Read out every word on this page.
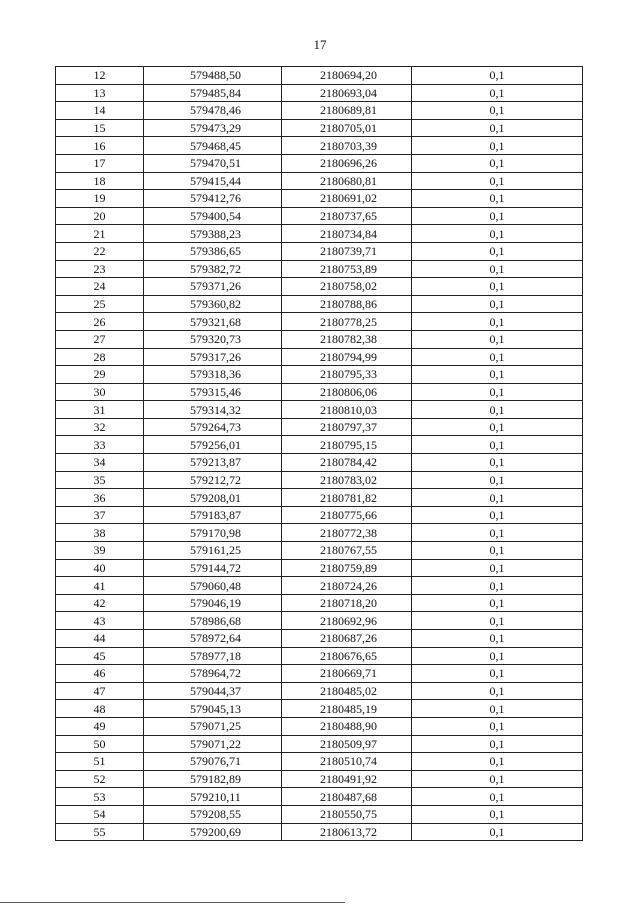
17
12	579488,50	2180694,20	0,1
13	579485,84	2180693,04	0,1
14	579478,46	2180689,81	0,1
15	579473,29	2180705,01	0,1
16	579468,45	2180703,39	0,1
17	579470,51	2180696,26	0,1
18	579415,44	2180680,81	0,1
19	579412,76	2180691,02	0,1
20	579400,54	2180737,65	0,1
21	579388,23	2180734,84	0,1
22	579386,65	2180739,71	0,1
23	579382,72	2180753,89	0,1
24	579371,26	2180758,02	0,1
25	579360,82	2180788,86	0,1
26	579321,68	2180778,25	0,1
27	579320,73	2180782,38	0,1
28	579317,26	2180794,99	0,1
29	579318,36	2180795,33	0,1
30	579315,46	2180806,06	0,1
31	579314,32	2180810,03	0,1
32	579264,73	2180797,37	0,1
33	579256,01	2180795,15	0,1
34	579213,87	2180784,42	0,1
35	579212,72	2180783,02	0,1
36	579208,01	2180781,82	0,1
37	579183,87	2180775,66	0,1
38	579170,98	2180772,38	0,1
39	579161,25	2180767,55	0,1
40	579144,72	2180759,89	0,1
41	579060,48	2180724,26	0,1
42	579046,19	2180718,20	0,1
43	578986,68	2180692,96	0,1
44	578972,64	2180687,26	0,1
45	578977,18	2180676,65	0,1
46	578964,72	2180669,71	0,1
47	579044,37	2180485,02	0,1
48	579045,13	2180485,19	0,1
49	579071,25	2180488,90	0,1
50	579071,22	2180509,97	0,1
51	579076,71	2180510,74	0,1
52	579182,89	2180491,92	0,1
53	579210,11	2180487,68	0,1
54	579208,55	2180550,75	0,1
55	579200,69	2180613,72	0,1
